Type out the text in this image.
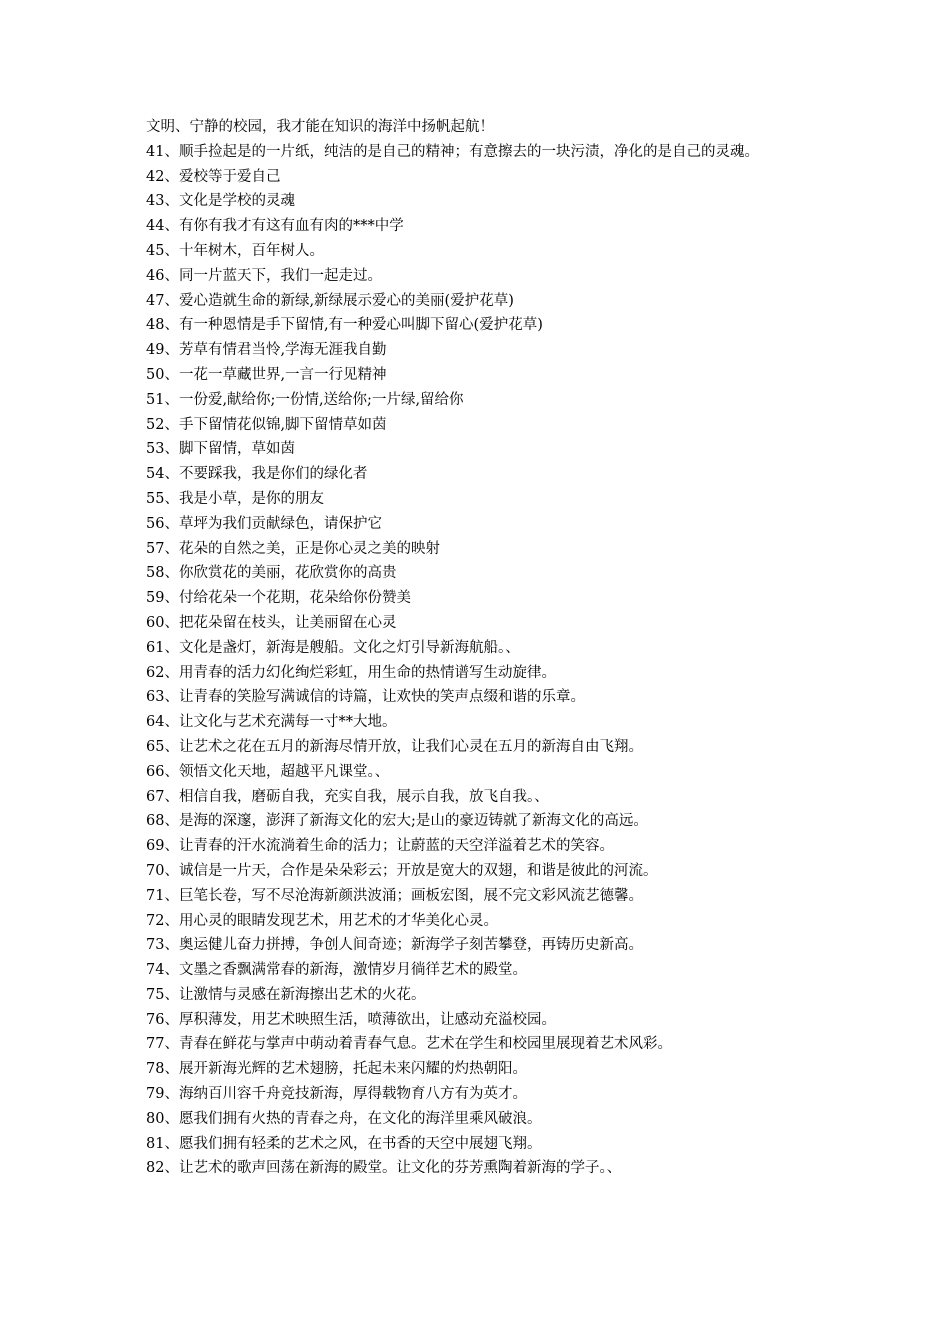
文明、宁静的校园，我才能在知识的海洋中扬帆起航！

41、顺手捡起是的一片纸，纯洁的是自己的精神；有意擦去的一块污渍，净化的是自己的灵魂。

42、爱校等于爱自己

43、文化是学校的灵魂

44、有你有我才有这有血有肉的***中学

45、十年树木，百年树人。

46、同一片蓝天下，我们一起走过。

47、爱心造就生命的新绿,新绿展示爱心的美丽(爱护花草)

48、有一种恩情是手下留情,有一种爱心叫脚下留心(爱护花草)

49、芳草有情君当怜,学海无涯我自勤

50、一花一草藏世界,一言一行见精神

51、一份爱,献给你;一份情,送给你;一片绿,留给你

52、手下留情花似锦,脚下留情草如茵

53、脚下留情，草如茵

54、不要踩我，我是你们的绿化者

55、我是小草，是你的朋友

56、草坪为我们贡献绿色，请保护它

57、花朵的自然之美，正是你心灵之美的映射

58、你欣赏花的美丽，花欣赏你的高贵

59、付给花朵一个花期，花朵给你份赞美

60、把花朵留在枝头，让美丽留在心灵

61、文化是盏灯，新海是艘船。文化之灯引导新海航船。、

62、用青春的活力幻化绚烂彩虹，用生命的热情谱写生动旋律。

63、让青春的笑脸写满诚信的诗篇，让欢快的笑声点缀和谐的乐章。

64、让文化与艺术充满每一寸**大地。

65、让艺术之花在五月的新海尽情开放，让我们心灵在五月的新海自由飞翔。

66、领悟文化天地，超越平凡课堂。、

67、相信自我，磨砺自我，充实自我，展示自我，放飞自我。、

68、是海的深邃，澎湃了新海文化的宏大;是山的豪迈铸就了新海文化的高远。

69、让青春的汗水流淌着生命的活力；让蔚蓝的天空洋溢着艺术的笑容。

70、诚信是一片天，合作是朵朵彩云；开放是宽大的双翅，和谐是彼此的河流。

71、巨笔长卷，写不尽沧海新颜洪波涌；画板宏图，展不完文彩风流艺德馨。

72、用心灵的眼睛发现艺术，用艺术的才华美化心灵。

73、奥运健儿奋力拼搏，争创人间奇迹；新海学子刻苦攀登，再铸历史新高。

74、文墨之香飘满常春的新海，激情岁月徜徉艺术的殿堂。

75、让激情与灵感在新海擦出艺术的火花。

76、厚积薄发，用艺术映照生活，喷薄欲出，让感动充溢校园。

77、青春在鲜花与掌声中萌动着青春气息。艺术在学生和校园里展现着艺术风彩。

78、展开新海光辉的艺术翅膀，托起未来闪耀的灼热朝阳。

79、海纳百川容千舟竞技新海，厚得载物育八方有为英才。

80、愿我们拥有火热的青春之舟，在文化的海洋里乘风破浪。

81、愿我们拥有轻柔的艺术之风，在书香的天空中展翅飞翔。

82、让艺术的歌声回荡在新海的殿堂。让文化的芬芳熏陶着新海的学子。、
